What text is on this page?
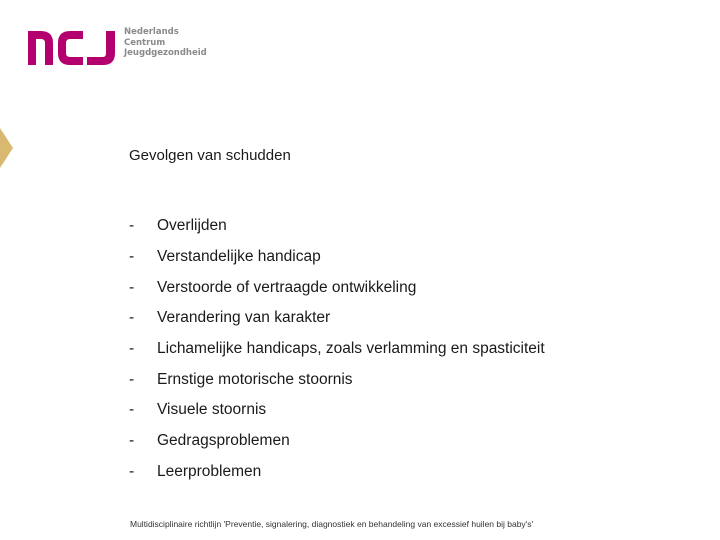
Nederlands
Centrum
Jeugdgezondheid
Gevolgen van schudden
-	Overlijden
-	Verstandelijke handicap
-	Verstoorde of vertraagde ontwikkeling
-	Verandering van karakter
-	Lichamelijke handicaps, zoals verlamming en spasticiteit
-	Ernstige motorische stoornis
-	Visuele stoornis
-	Gedragsproblemen
-	Leerproblemen
Multidisciplinaire richtlijn 'Preventie, signalering, diagnostiek en behandeling van excessief huilen bij baby's'
